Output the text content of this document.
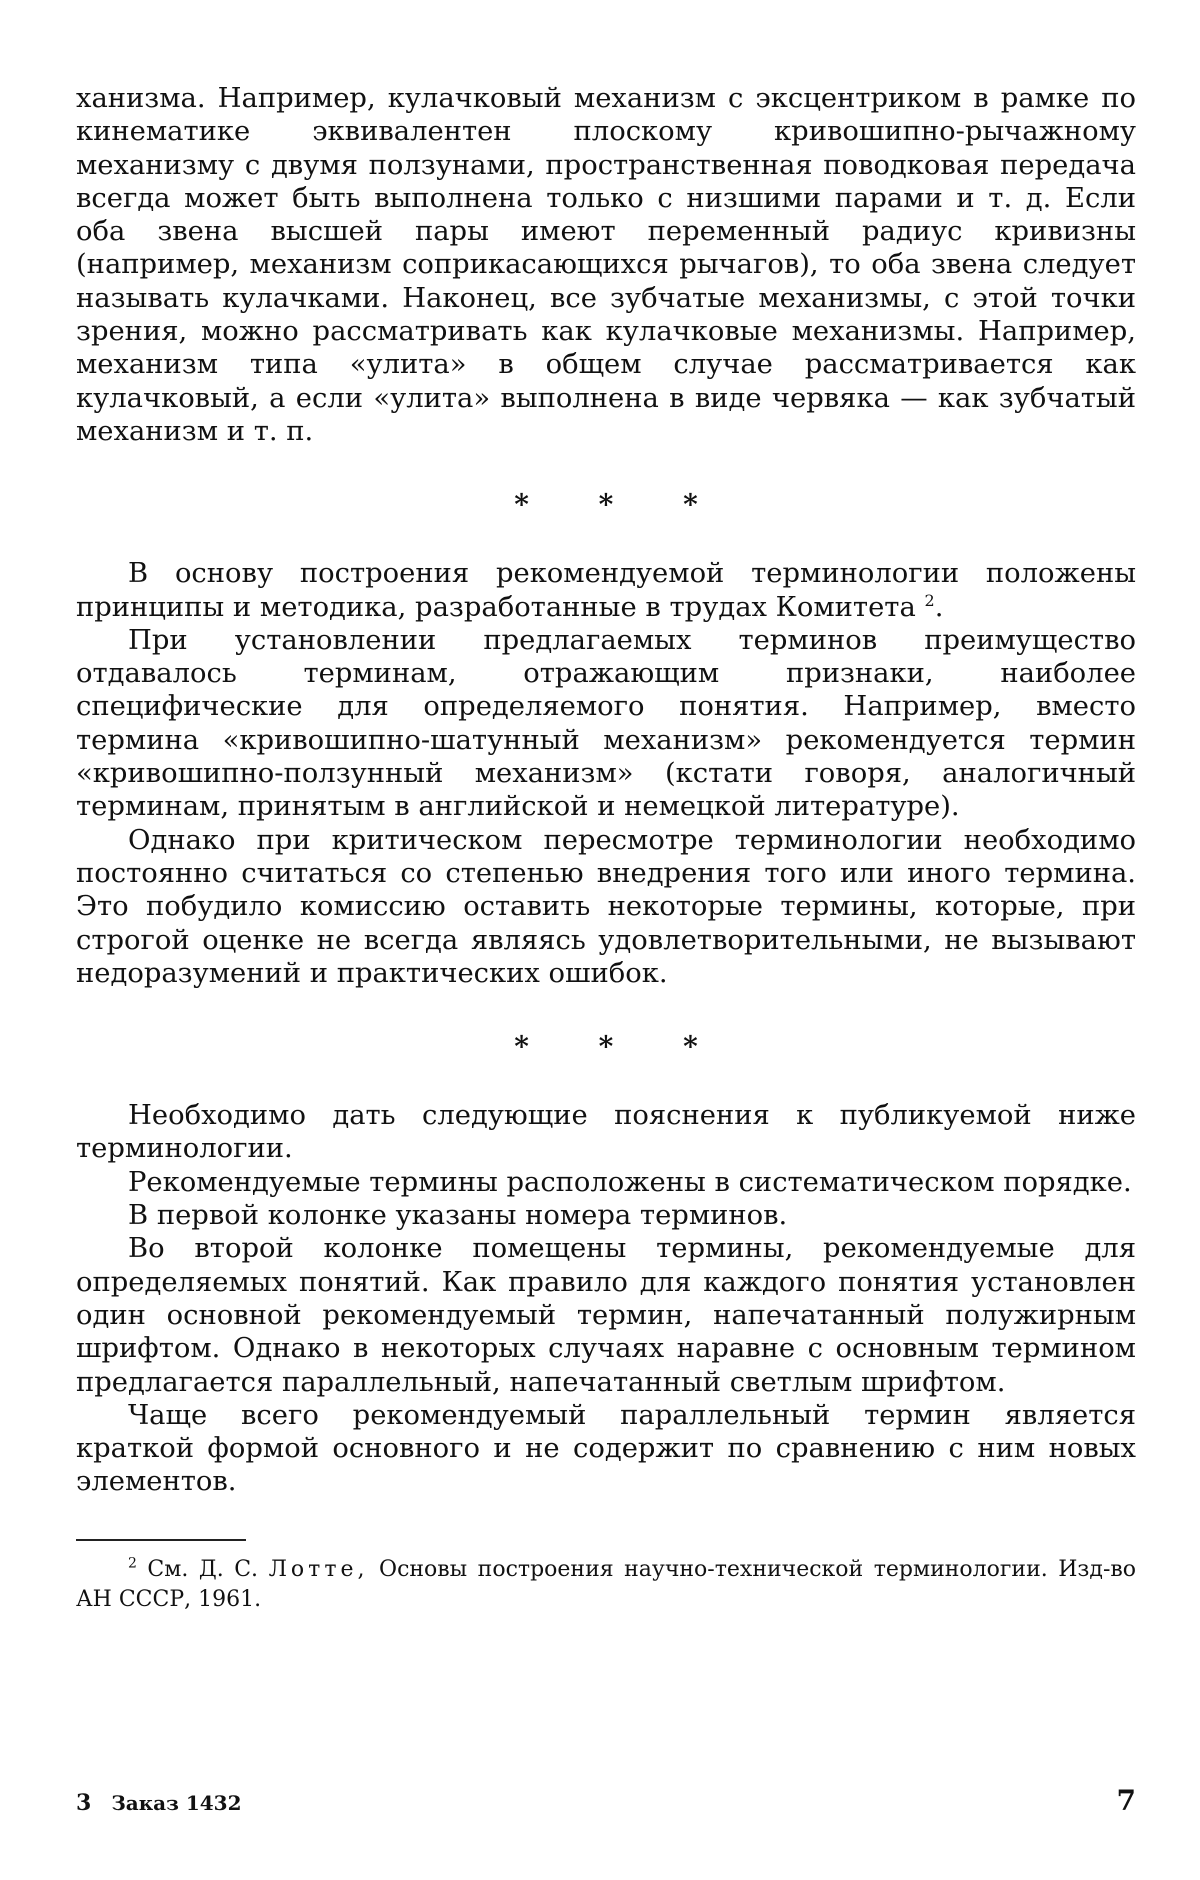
ханизма. Например, кулачковый механизм с эксцентриком в рамке по кинематике эквивалентен плоскому кривошипно-рычажному механизму с двумя ползунами, пространственная поводковая передача всегда может быть выполнена только с низшими парами и т. д. Если оба звена высшей пары имеют переменный радиус кривизны (например, механизм соприкасающихся рычагов), то оба звена следует называть кулачками. Наконец, все зубчатые механизмы, с этой точки зрения, можно рассматривать как кулачковые механизмы. Например, механизм типа «улита» в общем случае рассматривается как кулачковый, а если «улита» выполнена в виде червяка — как зубчатый механизм и т. п.

* * *

В основу построения рекомендуемой терминологии положены принципы и методика, разработанные в трудах Комитета $^2$.

При установлении предлагаемых терминов преимущество отдавалось терминам, отражающим признаки, наиболее специфические для определяемого понятия. Например, вместо термина «кривошипно-шатунный механизм» рекомендуется термин «кривошипно-ползунный механизм» (кстати говоря, аналогичный терминам, принятым в английской и немецкой литературе).

Однако при критическом пересмотре терминологии необходимо постоянно считаться со степенью внедрения того или иного термина. Это побудило комиссию оставить некоторые термины, которые, при строгой оценке не всегда являясь удовлетворительными, не вызывают недоразумений и практических ошибок.

* * *

Необходимо дать следующие пояснения к публикуемой ниже терминологии.

Рекомендуемые термины расположены в систематическом порядке.

В первой колонке указаны номера терминов.

Во второй колонке помещены термины, рекомендуемые для определяемых понятий. Как правило для каждого понятия установлен один основной рекомендуемый термин, напечатанный полужирным шрифтом. Однако в некоторых случаях наравне с основным термином предлагается параллельный, напечатанный светлым шрифтом.

Чаще всего рекомендуемый параллельный термин является краткой формой основного и не содержит по сравнению с ним новых элементов.

$^2$ См. Д. С. Лотте, Основы построения научно-технической терминологии. Изд-во АН СССР, 1961.

3 Заказ 1432	7
